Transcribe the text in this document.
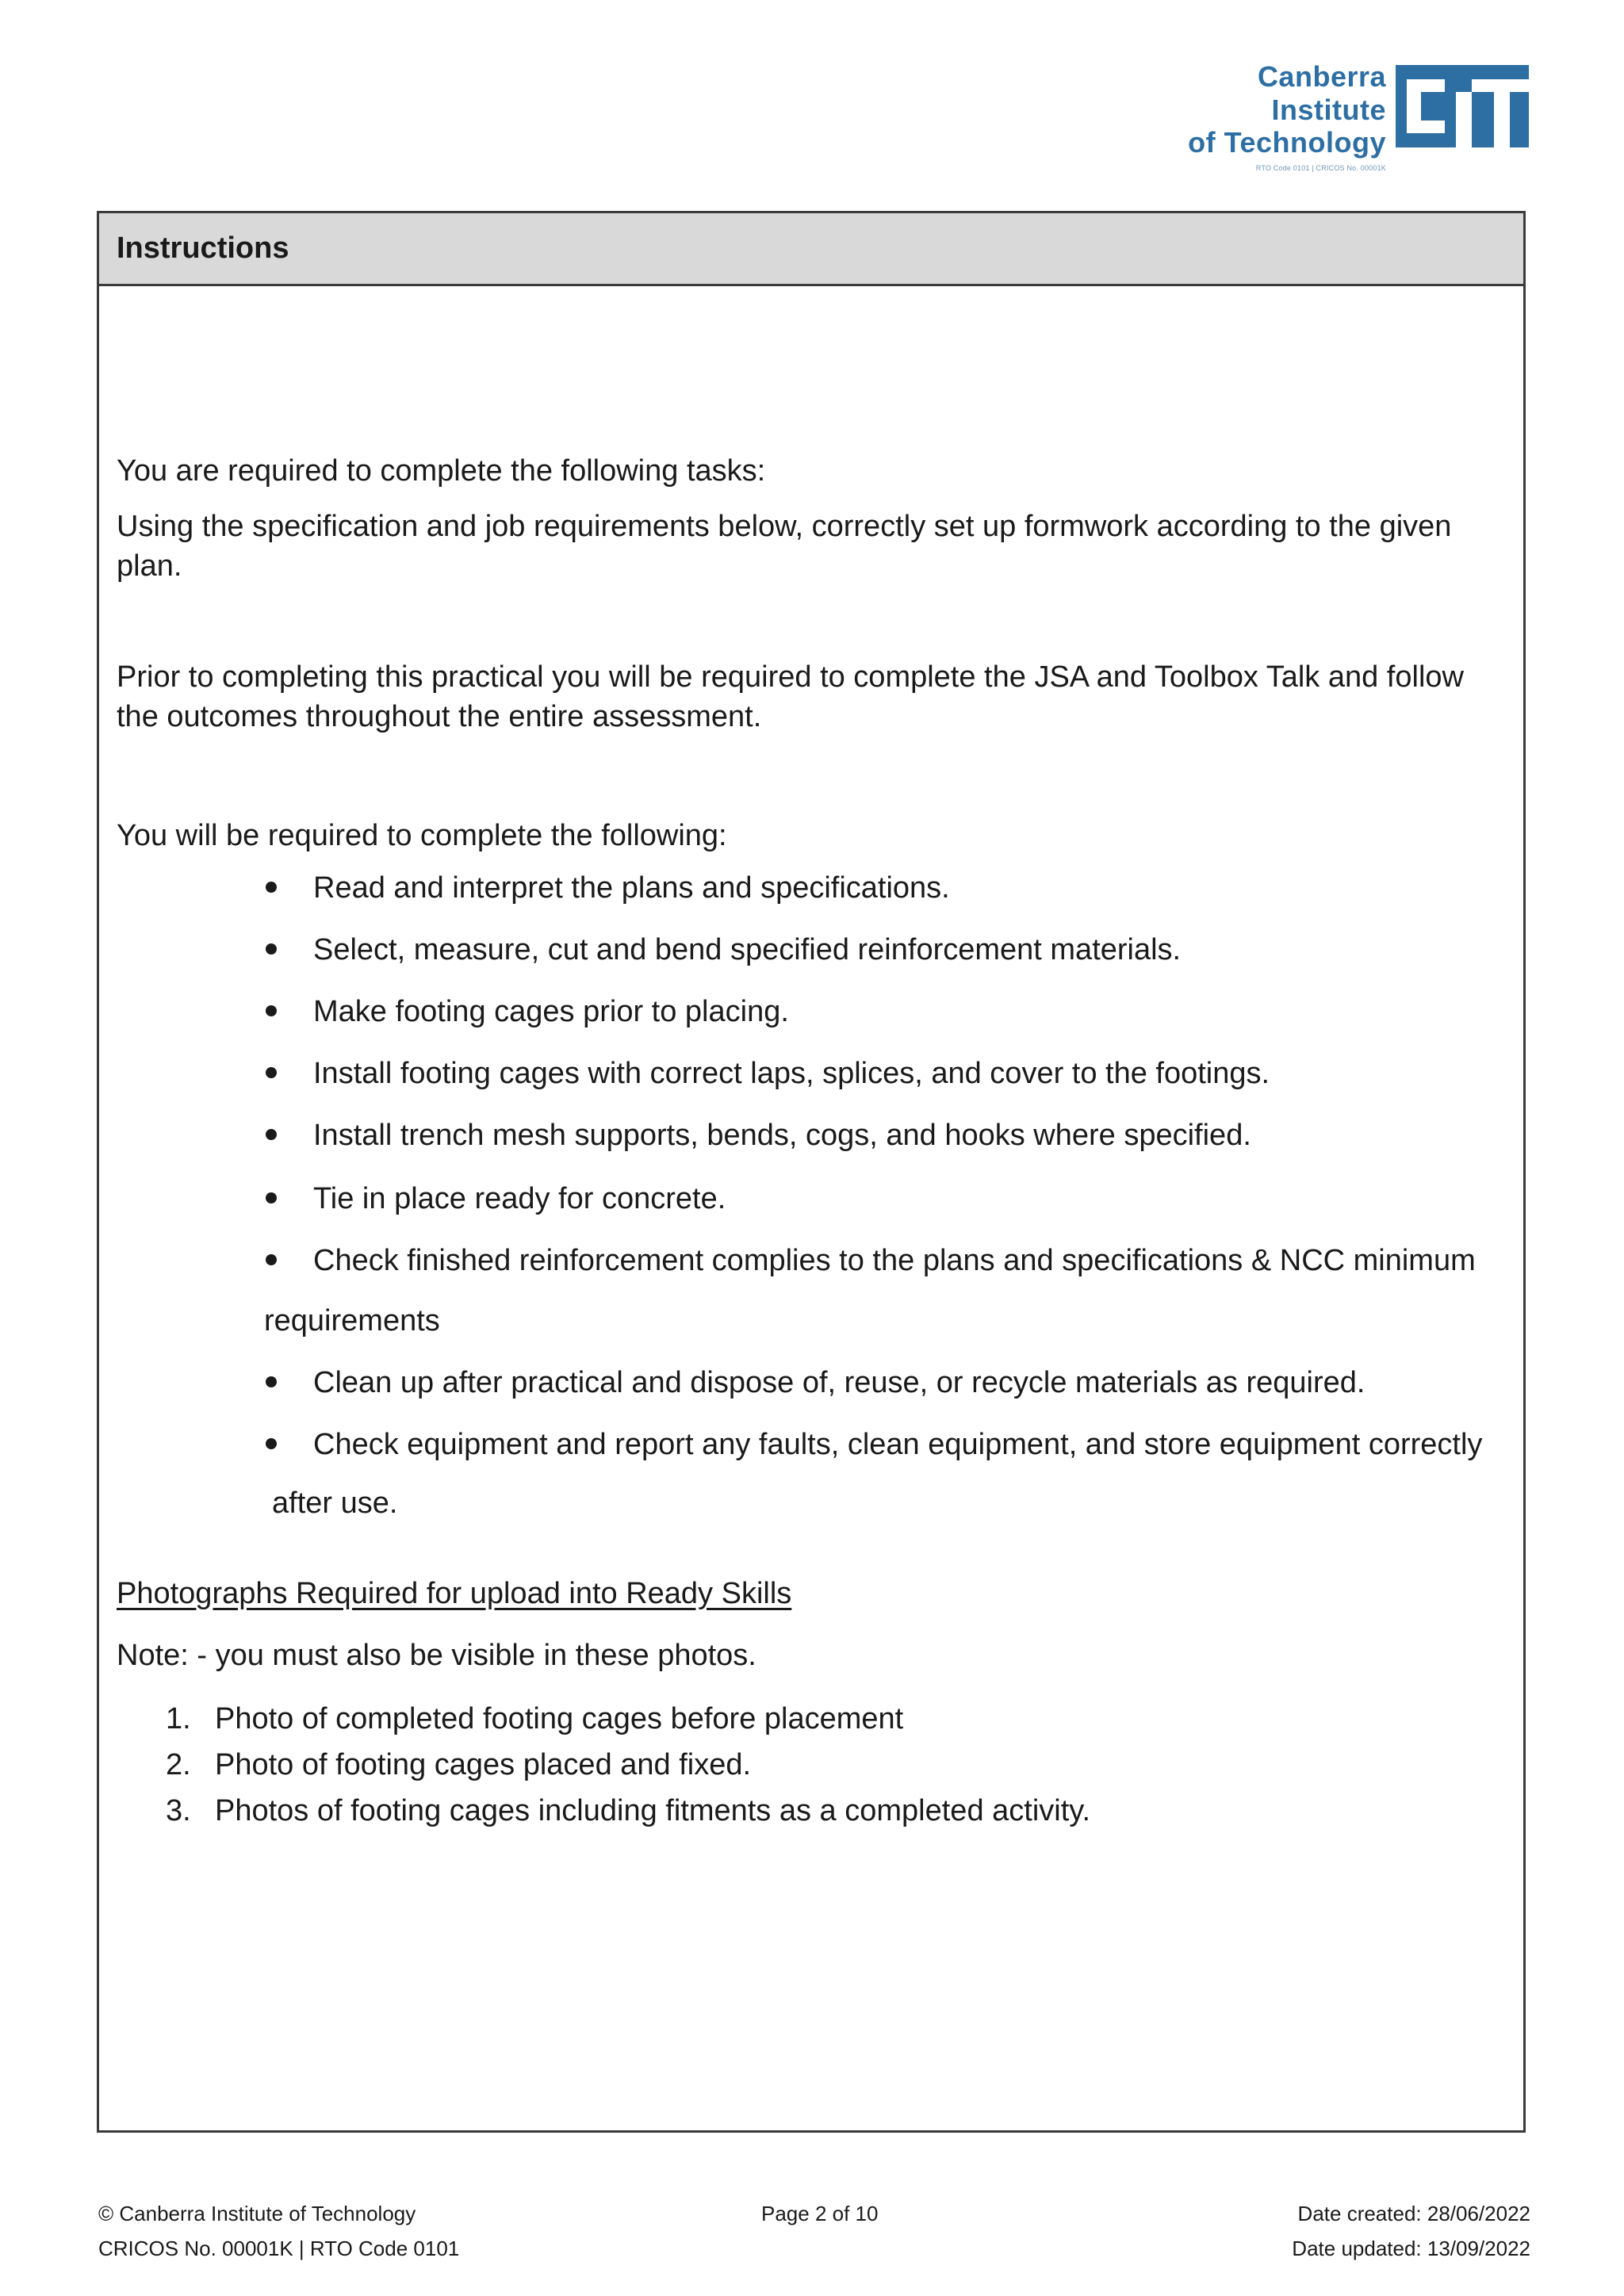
Canberra Institute
of Technology
RTO Code 0101 | CRICOS No. 00001K
Instructions

You are required to complete the following tasks:

Using the specification and job requirements below, correctly set up formwork according to the given plan.

Prior to completing this practical you will be required to complete the JSA and Toolbox Talk and follow the outcomes throughout the entire assessment.

You will be required to complete the following:

Read and interpret the plans and specifications.
Select, measure, cut and bend specified reinforcement materials.
Make footing cages prior to placing.
Install footing cages with correct laps, splices, and cover to the footings.
Install trench mesh supports, bends, cogs, and hooks where specified.
Tie in place ready for concrete.
Check finished reinforcement complies to the plans and specifications & NCC minimum
requirements
Clean up after practical and dispose of, reuse, or recycle materials as required.
Check equipment and report any faults, clean equipment, and store equipment correctly
after use.

Photographs Required for upload into Ready Skills

Note: - you must also be visible in these photos.

1. Photo of completed footing cages before placement
2. Photo of footing cages placed and fixed.
3. Photos of footing cages including fitments as a completed activity.
© Canberra Institute of Technology
CRICOS No. 00001K | RTO Code 0101
Page 2 of 10	Date created: 28/06/2022
Date updated: 13/09/2022
